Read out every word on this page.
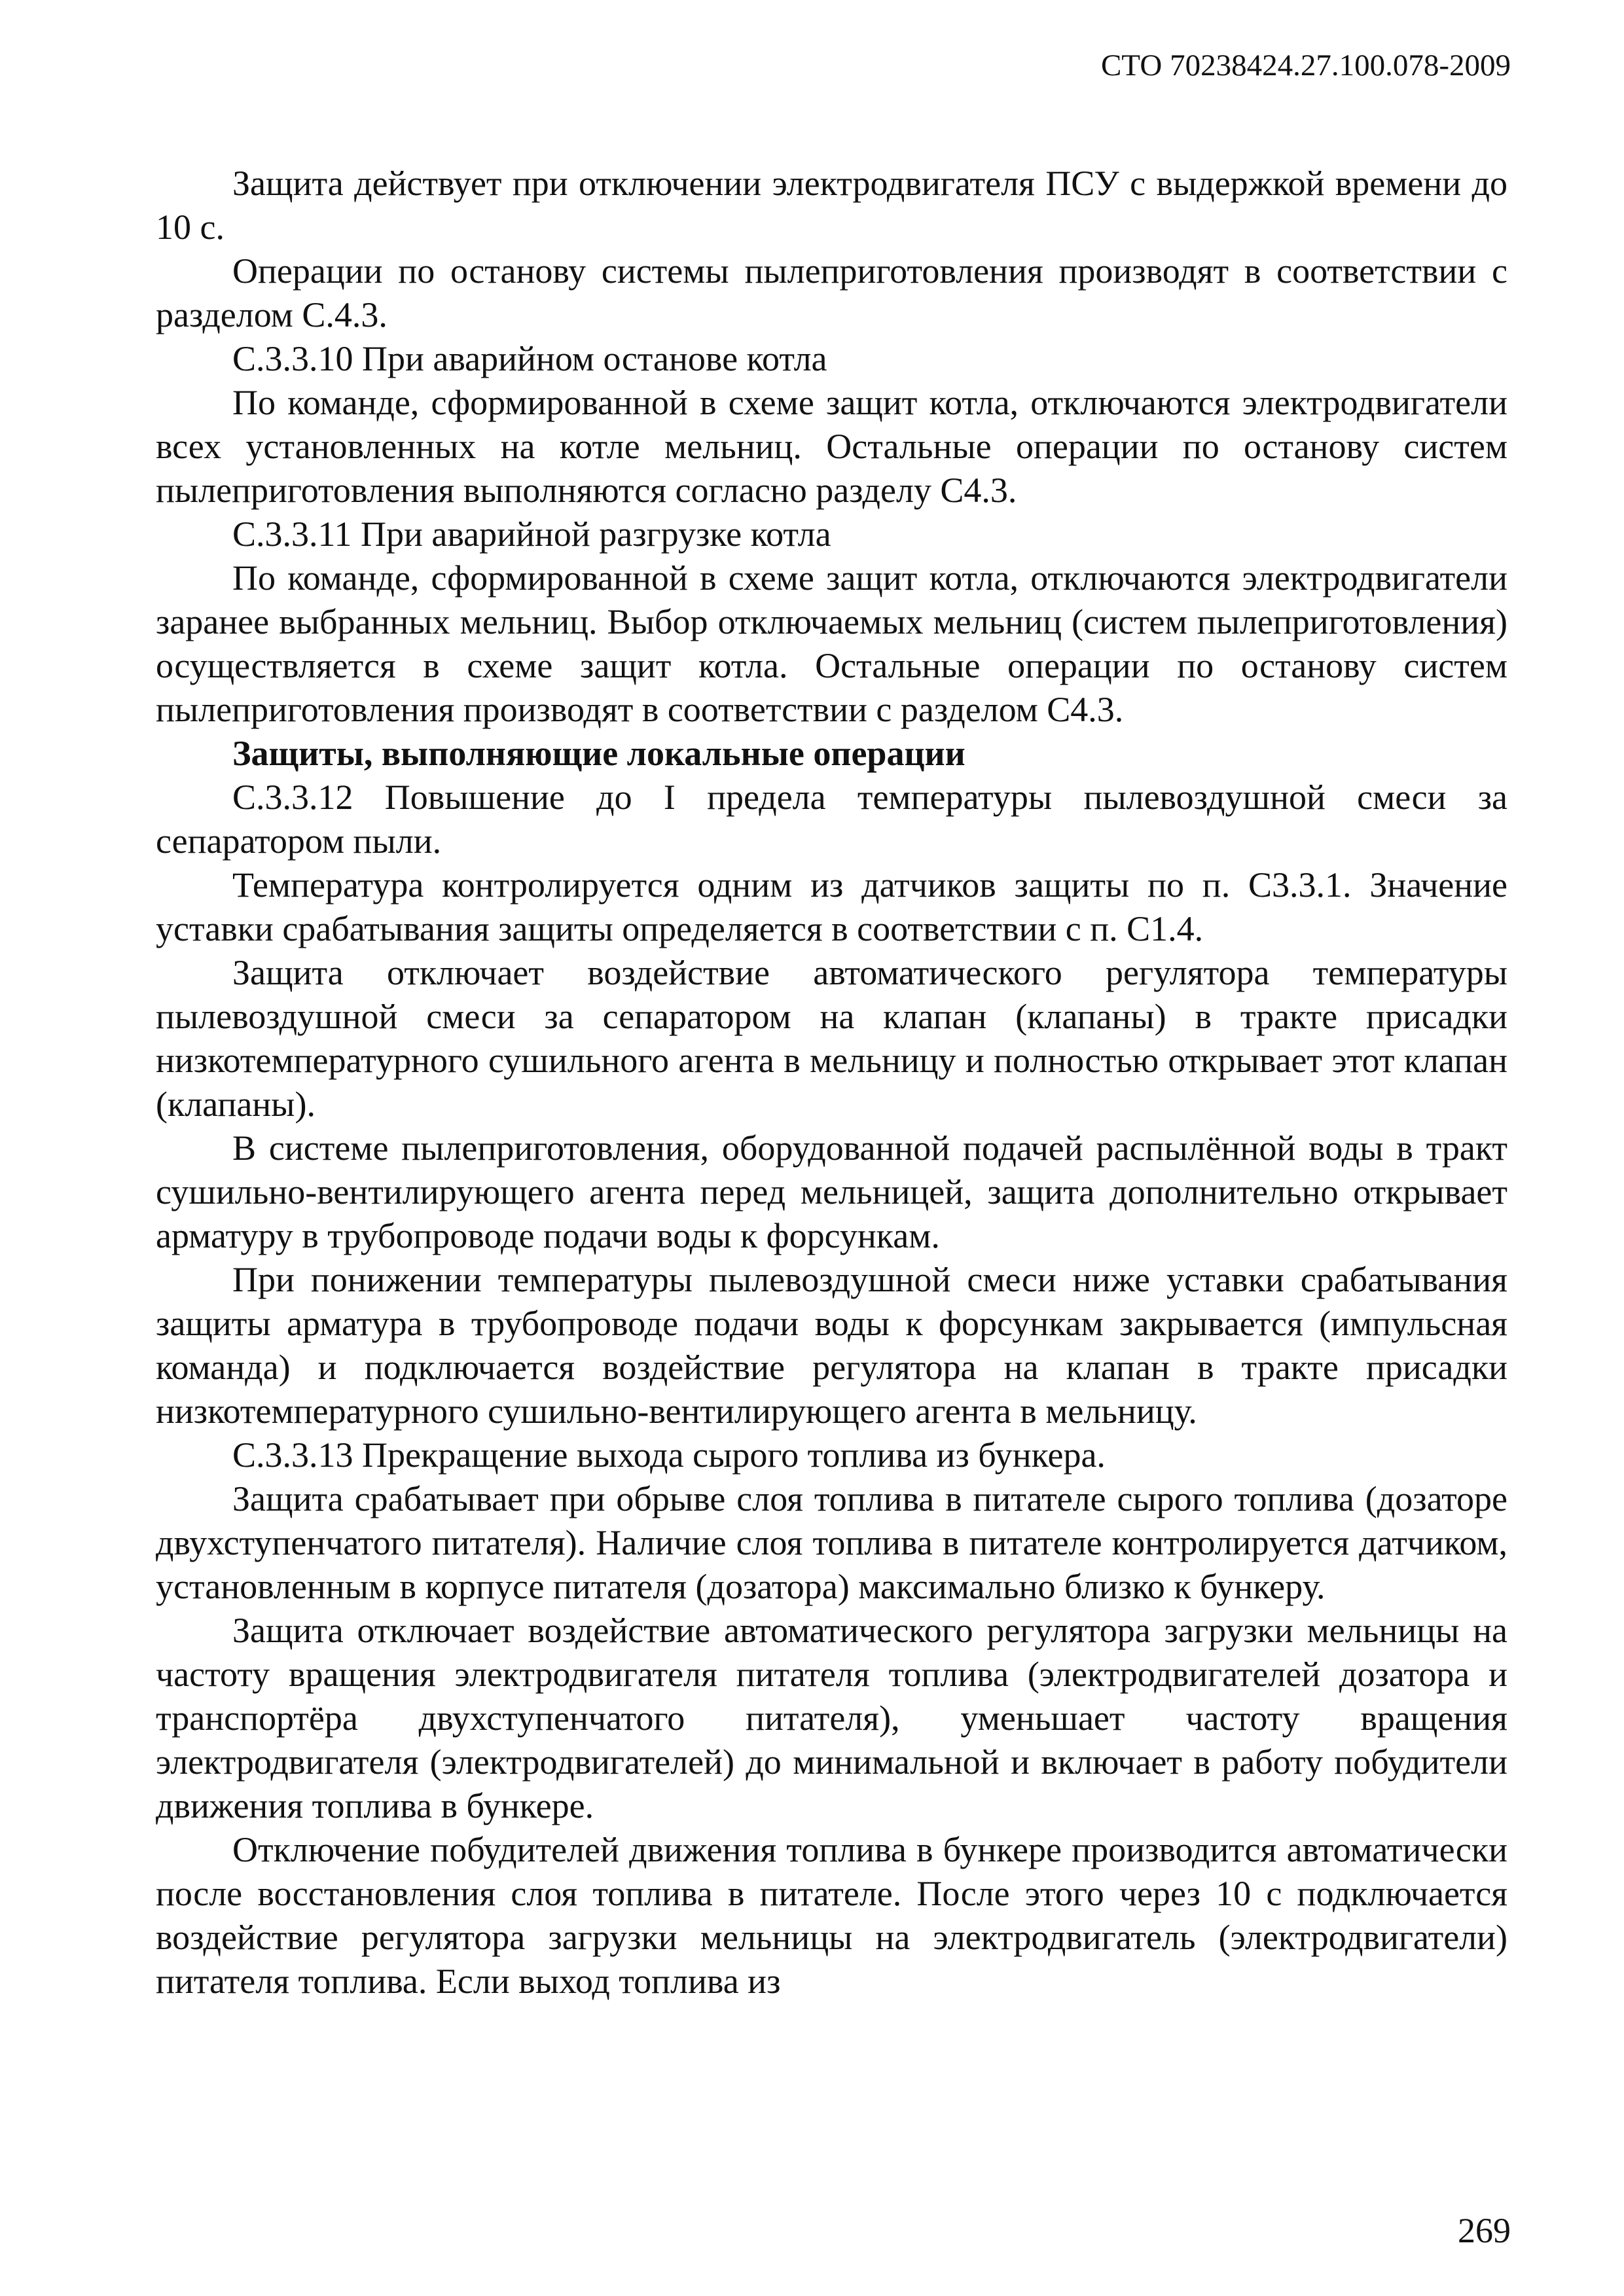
СТО 70238424.27.100.078-2009

Защита действует при отключении электродвигателя ПСУ с выдержкой времени до 10 с.

Операции по останову системы пылеприготовления производят в соответствии с разделом С.4.3.

С.3.3.10 При аварийном останове котла

По команде, сформированной в схеме защит котла, отключаются электродвигатели всех установленных на котле мельниц. Остальные операции по останову систем пылеприготовления выполняются согласно разделу С4.3.

С.3.3.11 При аварийной разгрузке котла

По команде, сформированной в схеме защит котла, отключаются электродвигатели заранее выбранных мельниц. Выбор отключаемых мельниц (систем пылеприготовления) осуществляется в схеме защит котла. Остальные операции по останову систем пылеприготовления производят в соответствии с разделом С4.3.

Защиты, выполняющие локальные операции

С.3.3.12 Повышение до I предела температуры пылевоздушной смеси за сепаратором пыли.

Температура контролируется одним из датчиков защиты по п. С3.3.1. Значение уставки срабатывания защиты определяется в соответствии с п. С1.4.

Защита отключает воздействие автоматического регулятора температуры пылевоздушной смеси за сепаратором на клапан (клапаны) в тракте присадки низкотемпературного сушильного агента в мельницу и полностью открывает этот клапан (клапаны).

В системе пылеприготовления, оборудованной подачей распылённой воды в тракт сушильно-вентилирующего агента перед мельницей, защита дополнительно открывает арматуру в трубопроводе подачи воды к форсункам.

При понижении температуры пылевоздушной смеси ниже уставки срабатывания защиты арматура в трубопроводе подачи воды к форсункам закрывается (импульсная команда) и подключается воздействие регулятора на клапан в тракте присадки низкотемпературного сушильно-вентилирующего агента в мельницу.

С.3.3.13 Прекращение выхода сырого топлива из бункера.

Защита срабатывает при обрыве слоя топлива в питателе сырого топлива (дозаторе двухступенчатого питателя). Наличие слоя топлива в питателе контролируется датчиком, установленным в корпусе питателя (дозатора) максимально близко к бункеру.

Защита отключает воздействие автоматического регулятора загрузки мельницы на частоту вращения электродвигателя питателя топлива (электродвигателей дозатора и транспортёра двухступенчатого питателя), уменьшает частоту вращения электродвигателя (электродвигателей) до минимальной и включает в работу побудители движения топлива в бункере.

Отключение побудителей движения топлива в бункере производится автоматически после восстановления слоя топлива в питателе. После этого через 10 с подключается воздействие регулятора загрузки мельницы на электродвигатель (электродвигатели) питателя топлива. Если выход топлива из

269
